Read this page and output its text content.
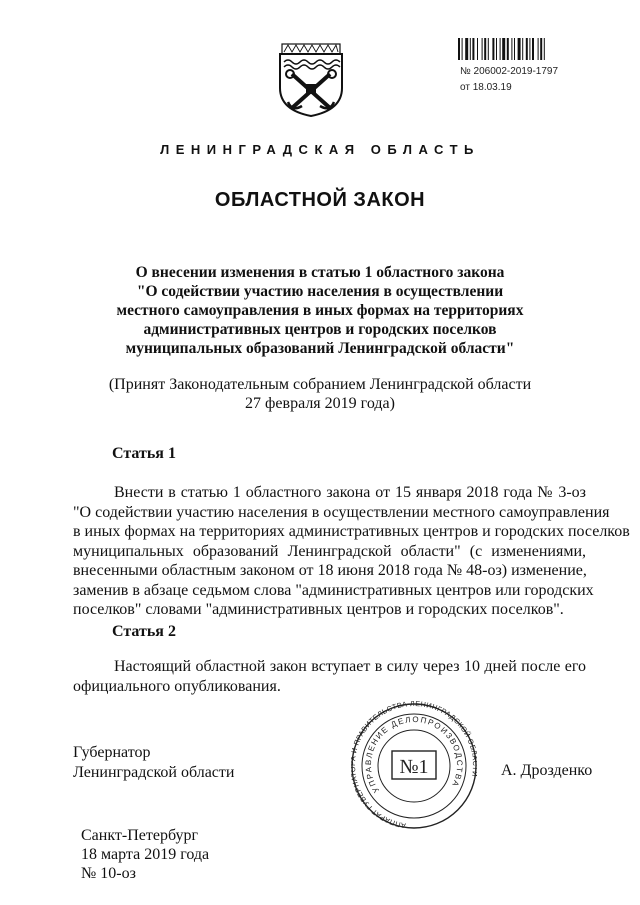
№ 206002-2019-1797
от 18.03.19
ЛЕНИНГРАДСКАЯ ОБЛАСТЬ
ОБЛАСТНОЙ ЗАКОН
О внесении изменения в статью 1 областного закона
"О содействии участию населения в осуществлении
местного самоуправления в иных формах на территориях
административных центров и городских поселков
муниципальных образований Ленинградской области"
(Принят Законодательным собранием Ленинградской области
27 февраля 2019 года)
Статья 1
Внести в статью 1 областного закона от 15 января 2018 года № 3-оз
"О содействии участию населения в осуществлении местного самоуправления
в иных формах на территориях административных центров и городских поселков
муниципальных образований Ленинградской области" (с изменениями,
внесенными областным законом от 18 июня 2018 года № 48-оз) изменение,
заменив в абзаце седьмом слова "административных центров или городских
поселков" словами "административных центров и городских поселков".
Статья 2
Настоящий областной закон вступает в силу через 10 дней после его
официального опубликования.
Губернатор
Ленинградской области
АППАРАТ ГУБЕРН ПРАВИТЕЛЬСТВА ЛЕНИНГРАДСКОЙ ОБ
УПРАВЛЕНИЕ ДЕЛОПРОИЗВОДСТВА
№1	А. Дрозденко
Санкт-Петербург
18 марта 2019 года
№ 10-оз
